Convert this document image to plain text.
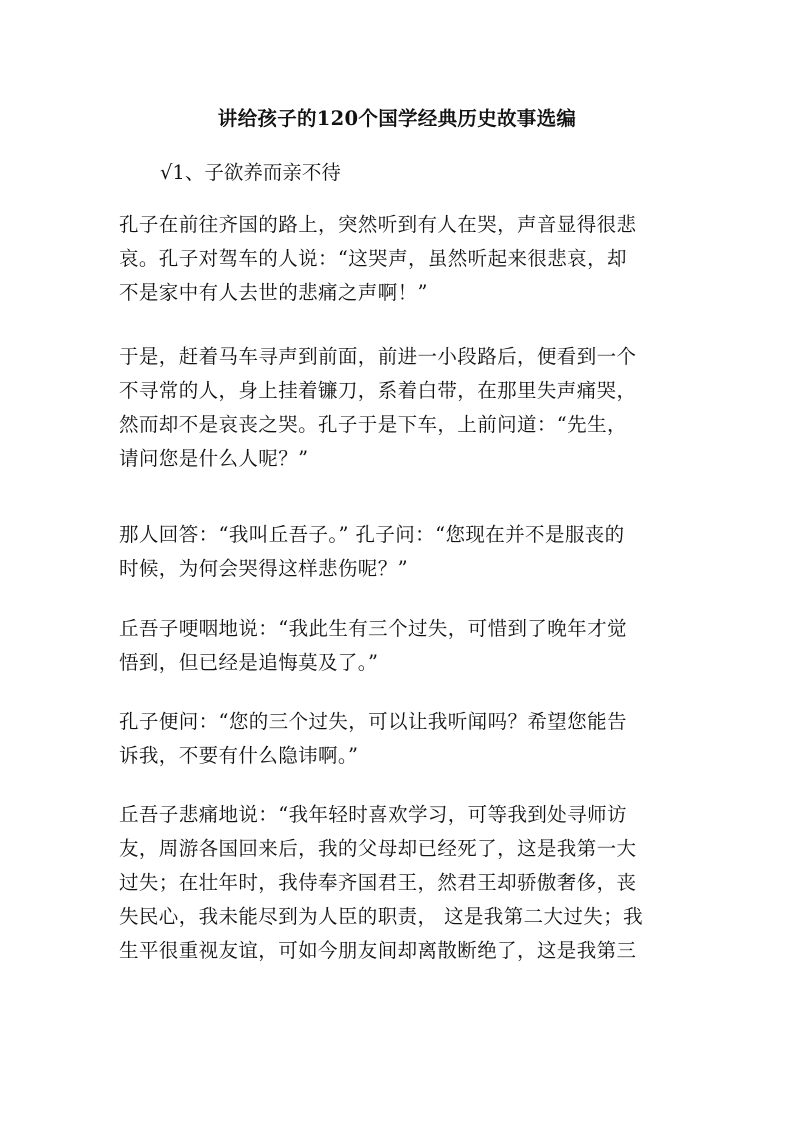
讲给孩子的120个国学经典历史故事选编
√1、子欲养而亲不待
孔子在前往齐国的路上，突然听到有人在哭，声音显得很悲
哀。孔子对驾车的人说：“这哭声，虽然听起来很悲哀，却
不是家中有人去世的悲痛之声啊！”
于是，赶着马车寻声到前面，前进一小段路后，便看到一个
不寻常的人，身上挂着镰刀，系着白带，在那里失声痛哭，
然而却不是哀丧之哭。孔子于是下车，上前问道：“先生，
请问您是什么人呢？”
那人回答：“我叫丘吾子。” 孔子问：“您现在并不是服丧的
时候，为何会哭得这样悲伤呢？”
丘吾子哽咽地说：“我此生有三个过失，可惜到了晚年才觉
悟到，但已经是追悔莫及了。”
孔子便问：“您的三个过失，可以让我听闻吗？希望您能告
诉我，不要有什么隐讳啊。”
丘吾子悲痛地说：“我年轻时喜欢学习，可等我到处寻师访
友，周游各国回来后，我的父母却已经死了，这是我第一大
过失；在壮年时，我侍奉齐国君王，然君王却骄傲奢侈，丧
失民心，我未能尽到为人臣的职责， 这是我第二大过失；我
生平很重视友谊，可如今朋友间却离散断绝了，这是我第三
